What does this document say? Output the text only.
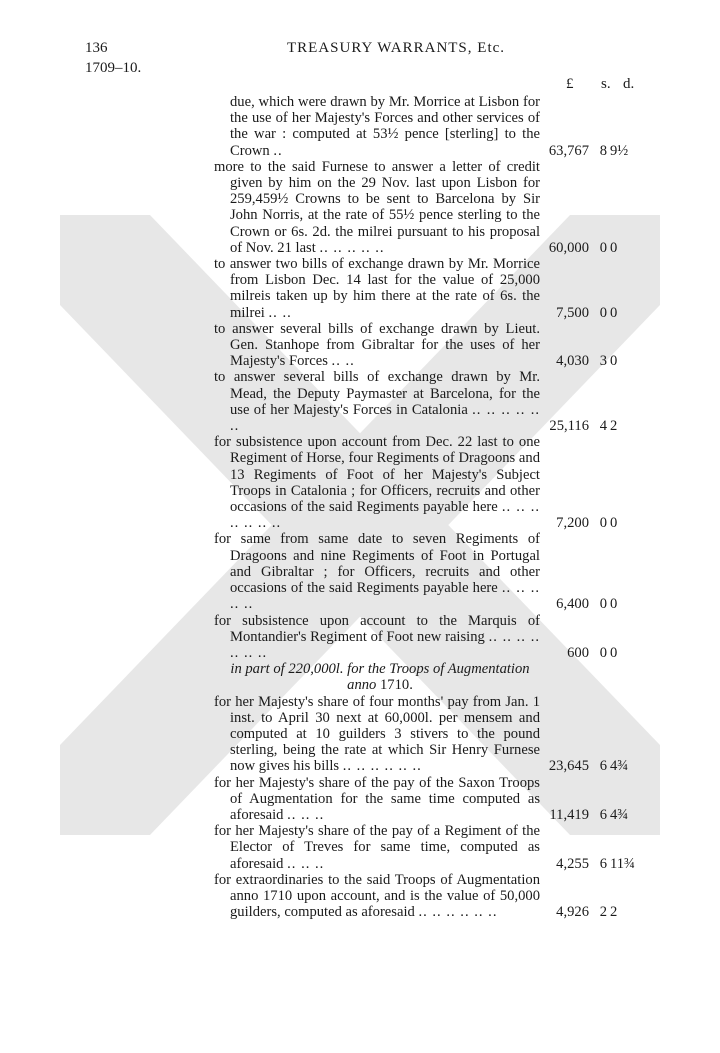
136
1709–10.
TREASURY WARRANTS, Etc.
£ s. d.
due, which were drawn by Mr. Morrice at Lisbon for the use of her Majesty's Forces and other services of the war : computed at 53½ pence [sterling] to the Crown ..	63,767 8 9½
more to the said Furnese to answer a letter of credit given by him on the 29 Nov. last upon Lisbon for 259,459½ Crowns to be sent to Barcelona by Sir John Norris, at the rate of 55½ pence sterling to the Crown or 6s. 2d. the milrei pursuant to his proposal of Nov. 21 last .. .. .. .. ..	60,000 0 0
to answer two bills of exchange drawn by Mr. Morrice from Lisbon Dec. 14 last for the value of 25,000 milreis taken up by him there at the rate of 6s. the milrei .. ..	7,500 0 0
to answer several bills of exchange drawn by Lieut. Gen. Stanhope from Gibraltar for the uses of her Majesty's Forces .. ..	4,030 3 0
to answer several bills of exchange drawn by Mr. Mead, the Deputy Paymaster at Barcelona, for the use of her Majesty's Forces in Catalonia .. .. .. .. .. ..	25,116 4 2
for subsistence upon account from Dec. 22 last to one Regiment of Horse, four Regiments of Dragoons and 13 Regiments of Foot of her Majesty's Subject Troops in Catalonia ; for Officers, recruits and other occasions of the said Regiments payable here .. .. .. .. .. .. ..	7,200 0 0
for same from same date to seven Regiments of Dragoons and nine Regiments of Foot in Portugal and Gibraltar ; for Officers, recruits and other occasions of the said Regiments payable here .. .. .. .. ..	6,400 0 0
for subsistence upon account to the Marquis of Montandier's Regiment of Foot new raising .. .. .. .. .. .. ..	600 0 0
in part of 220,000l. for the Troops of Augmentation anno 1710.
for her Majesty's share of four months' pay from Jan. 1 inst. to April 30 next at 60,000l. per mensem and computed at 10 guilders 3 stivers to the pound sterling, being the rate at which Sir Henry Furnese now gives his bills .. .. .. .. .. ..	23,645 6 4¾
for her Majesty's share of the pay of the Saxon Troops of Augmentation for the same time computed as aforesaid .. .. ..	11,419 6 4¾
for her Majesty's share of the pay of a Regiment of the Elector of Treves for same time, computed as aforesaid .. .. ..	4,255 6 11¾
for extraordinaries to the said Troops of Augmentation anno 1710 upon account, and is the value of 50,000 guilders, computed as aforesaid .. .. .. .. .. ..	4,926 2 2
